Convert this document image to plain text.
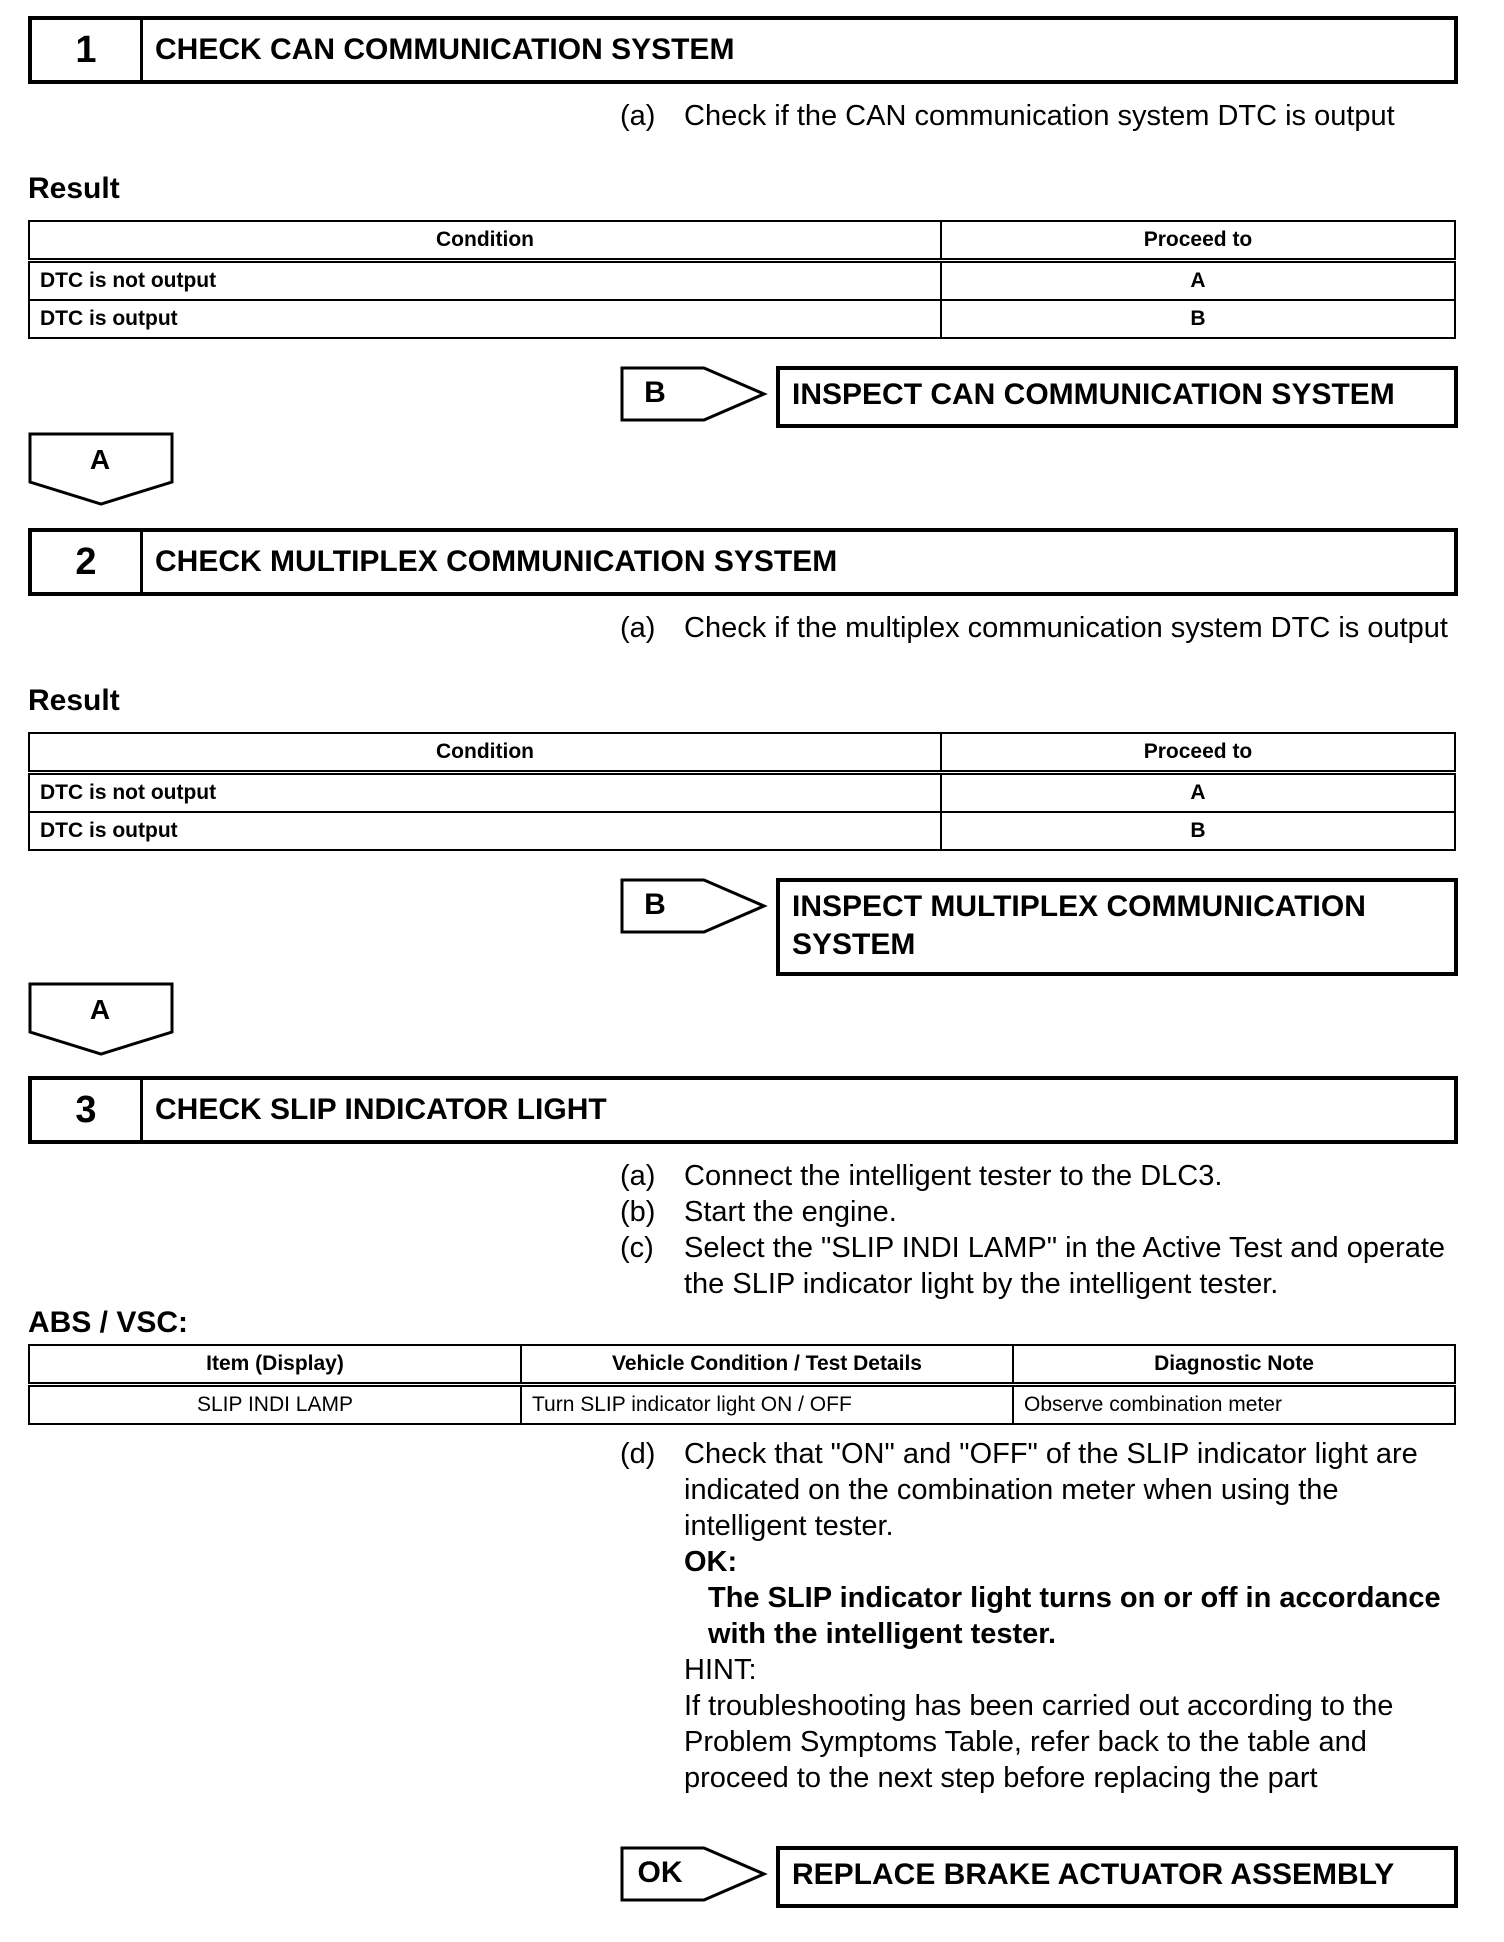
1	CHECK CAN COMMUNICATION SYSTEM
(a) Check if the CAN communication system DTC is output
Result
Condition	Proceed to
DTC is not output	A
DTC is output	B
B	INSPECT CAN COMMUNICATION SYSTEM
A
2	CHECK MULTIPLEX COMMUNICATION SYSTEM
(a) Check if the multiplex communication system DTC is output
Result
Condition	Proceed to
DTC is not output	A
DTC is output	B
B	INSPECT MULTIPLEX COMMUNICATION SYSTEM
A
3	CHECK SLIP INDICATOR LIGHT
(a) Connect the intelligent tester to the DLC3.
(b) Start the engine.
(c)	Select the "SLIP INDI LAMP" in the Active Test and operate the SLIP indicator light by the intelligent tester.
ABS / VSC:
Item (Display)	Vehicle Condition / Test Details	Diagnostic Note
SLIP INDI LAMP	Turn SLIP indicator light ON / OFF	Observe combination meter
(d) Check that "ON" and "OFF" of the SLIP indicator light are indicated on the combination meter when using the intelligent tester.
OK:
The SLIP indicator light turns on or off in accordance with the intelligent tester.
HINT:
If troubleshooting has been carried out according to the Problem Symptoms Table, refer back to the table and proceed to the next step before replacing the part
OK	REPLACE BRAKE ACTUATOR ASSEMBLY
